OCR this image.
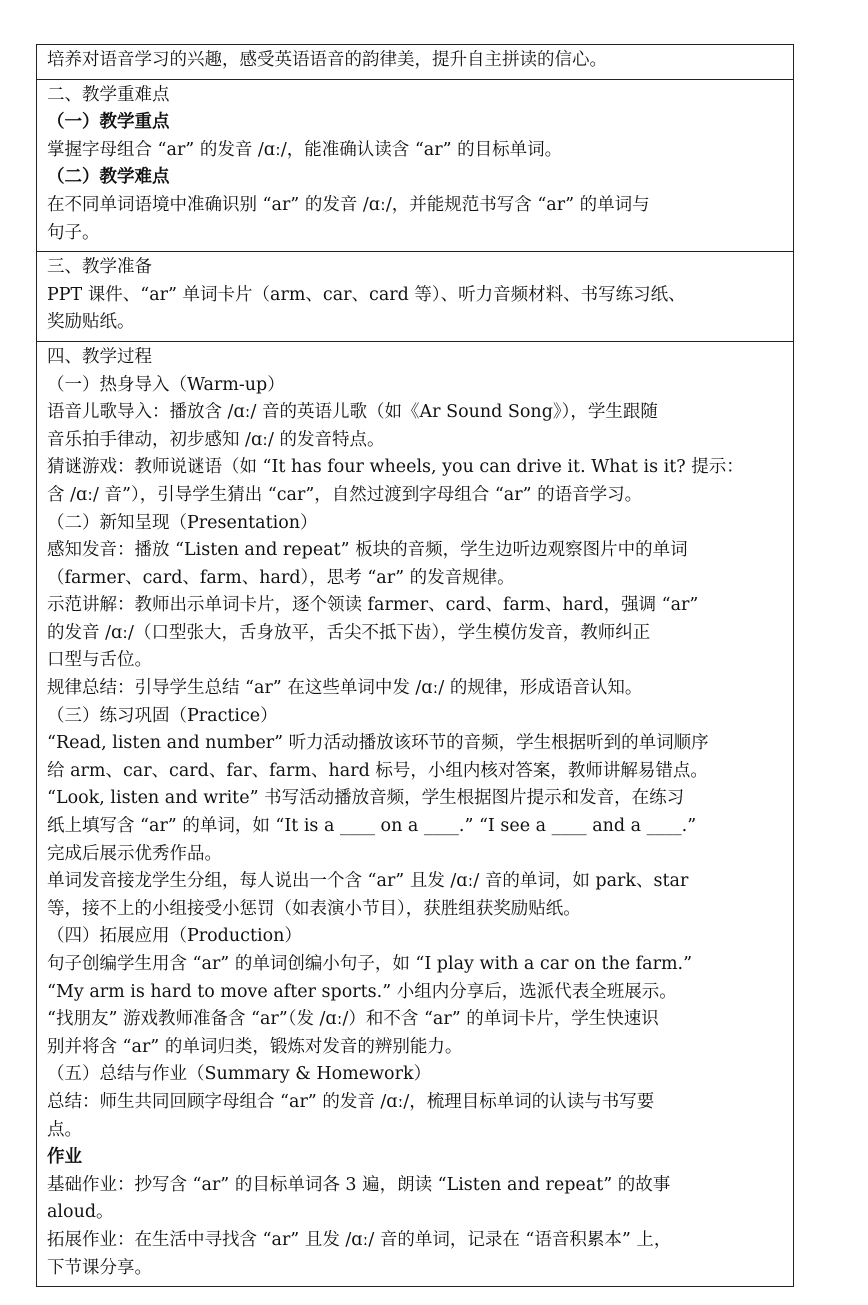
培养对语音学习的兴趣，感受英语语音的韵律美，提升自主拼读的信心。
二、教学重难点
（一）教学重点
掌握字母组合 “ar” 的发音 /ɑː/，能准确认读含 “ar” 的目标单词。
（二）教学难点
在不同单词语境中准确识别 “ar” 的发音 /ɑː/，并能规范书写含 “ar” 的单词与
句子。
三、教学准备
PPT 课件、“ar” 单词卡片（arm、car、card 等）、听力音频材料、书写练习纸、
奖励贴纸。
四、教学过程
（一）热身导入（Warm-up）
语音儿歌导入：播放含 /ɑː/ 音的英语儿歌（如《Ar Sound Song》），学生跟随
音乐拍手律动，初步感知 /ɑː/ 的发音特点。
猜谜游戏：教师说谜语（如 “It has four wheels, you can drive it. What is it? 提示：
含 /ɑː/ 音”），引导学生猜出 “car”，自然过渡到字母组合 “ar” 的语音学习。
（二）新知呈现（Presentation）
感知发音：播放 “Listen and repeat” 板块的音频，学生边听边观察图片中的单词
（farmer、card、farm、hard），思考 “ar” 的发音规律。
示范讲解：教师出示单词卡片，逐个领读 farmer、card、farm、hard，强调 “ar”
的发音 /ɑː/（口型张大，舌身放平，舌尖不抵下齿），学生模仿发音，教师纠正
口型与舌位。
规律总结：引导学生总结 “ar” 在这些单词中发 /ɑː/ 的规律，形成语音认知。
（三）练习巩固（Practice）
“Read, listen and number” 听力活动播放该环节的音频，学生根据听到的单词顺序
给 arm、car、card、far、farm、hard 标号，小组内核对答案，教师讲解易错点。
“Look, listen and write” 书写活动播放音频，学生根据图片提示和发音，在练习
纸上填写含 “ar” 的单词，如 “It is a ____ on a ____.” “I see a ____ and a ____.”
完成后展示优秀作品。
单词发音接龙学生分组，每人说出一个含 “ar” 且发 /ɑː/ 音的单词，如 park、star
等，接不上的小组接受小惩罚（如表演小节目），获胜组获奖励贴纸。
（四）拓展应用（Production）
句子创编学生用含 “ar” 的单词创编小句子，如 “I play with a car on the farm.”
“My arm is hard to move after sports.” 小组内分享后，选派代表全班展示。
“找朋友” 游戏教师准备含 “ar”（发 /ɑː/）和不含 “ar” 的单词卡片，学生快速识
别并将含 “ar” 的单词归类，锻炼对发音的辨别能力。
（五）总结与作业（Summary & Homework）
总结：师生共同回顾字母组合 “ar” 的发音 /ɑː/，梳理目标单词的认读与书写要
点。
作业
基础作业：抄写含 “ar” 的目标单词各 3 遍，朗读 “Listen and repeat” 的故事
aloud。
拓展作业：在生活中寻找含 “ar” 且发 /ɑː/ 音的单词，记录在 “语音积累本” 上，
下节课分享。
